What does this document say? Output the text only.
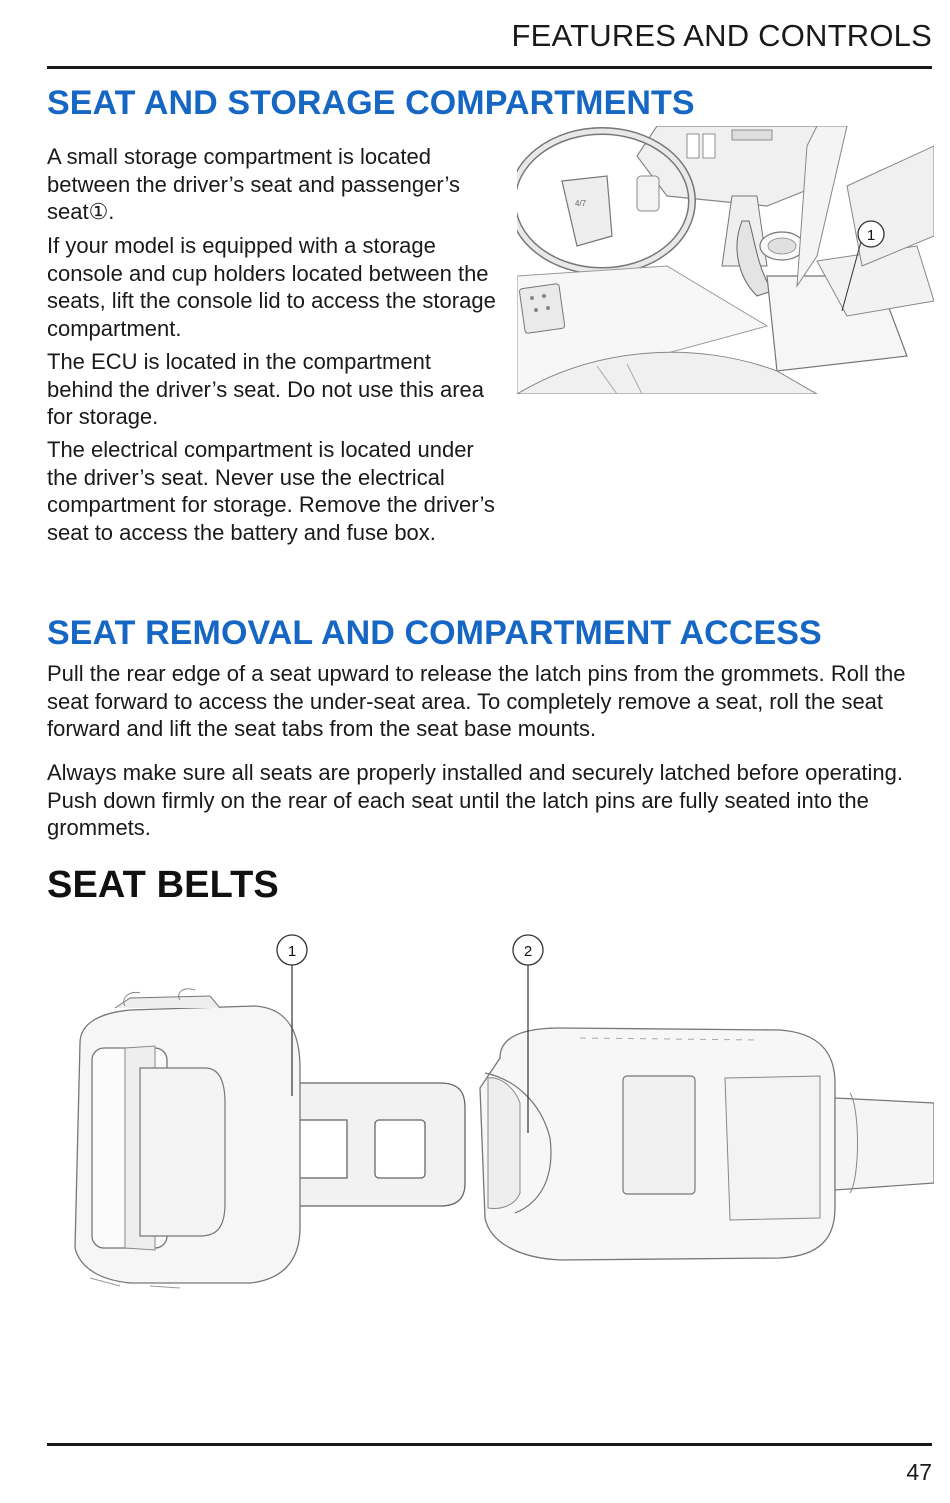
FEATURES AND CONTROLS
SEAT AND STORAGE COMPARTMENTS

A small storage compartment is located between the driver’s seat and passenger’s seat①.

If your model is equipped with a storage console and cup holders located between the seats, lift the console lid to access the storage compartment.

The ECU is located in the compartment behind the driver’s seat. Do not use this area for storage.

The electrical compartment is located under the driver’s seat. Never use the electrical compartment for storage. Remove the driver’s seat to access the battery and fuse box.

4/7
1
SEAT REMOVAL AND COMPARTMENT ACCESS

Pull the rear edge of a seat upward to release the latch pins from the grommets. Roll the seat forward to access the under-seat area. To completely remove a seat, roll the seat forward and lift the seat tabs from the seat base mounts.

Always make sure all seats are properly installed and securely latched before operating. Push down firmly on the rear of each seat until the latch pins are fully seated into the grommets.

SEAT BELTS
1	2
47
